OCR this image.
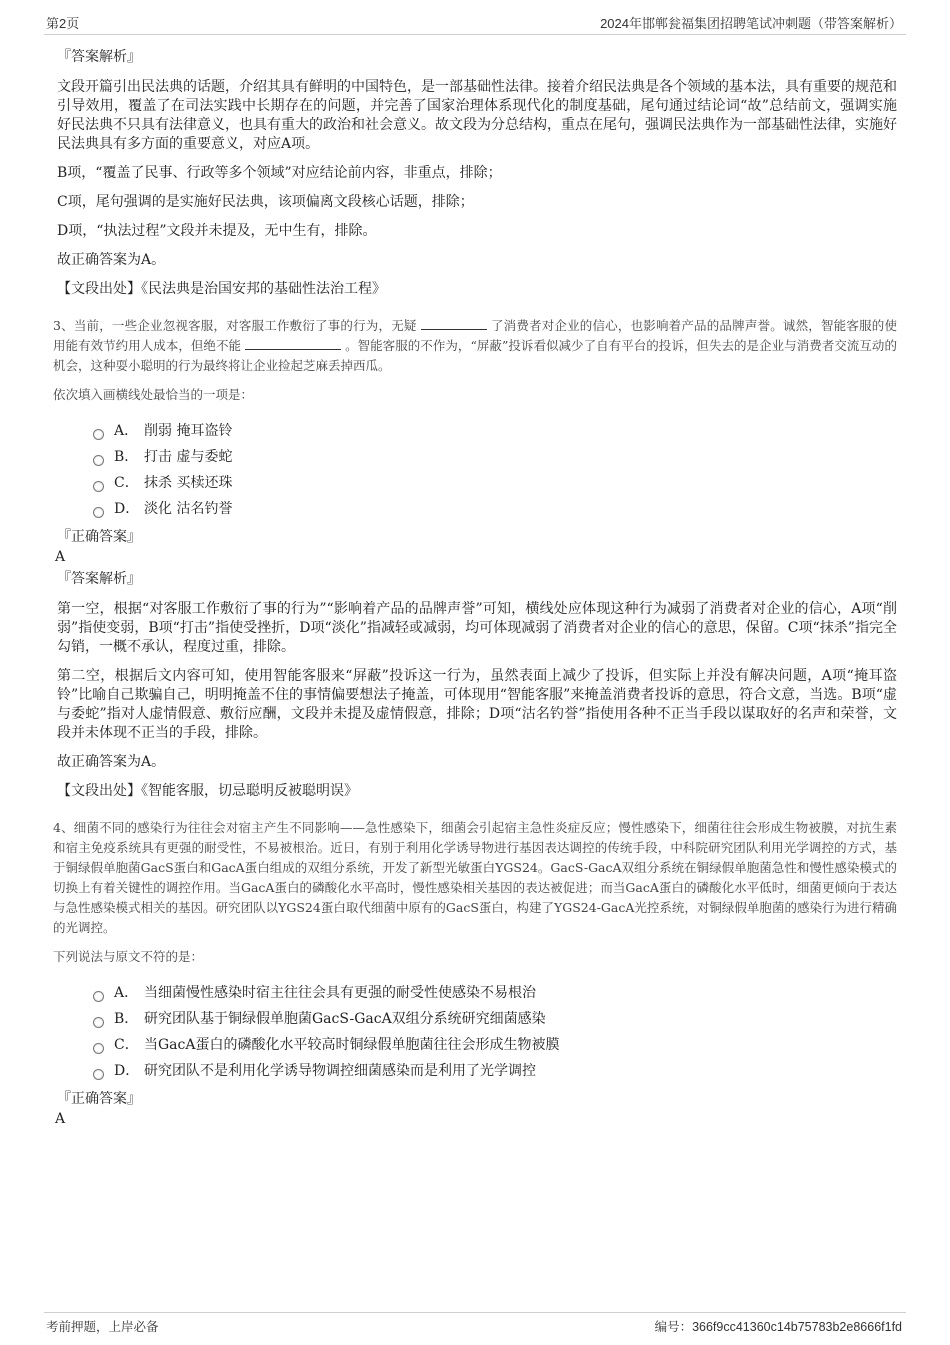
第2页	2024年邯郸瓮福集团招聘笔试冲刺题（带答案解析）
『答案解析』

文段开篇引出民法典的话题，介绍其具有鲜明的中国特色，是一部基础性法律。接着介绍民法典是各个领域的基本法，具有重要的规范和引导效用，覆盖了在司法实践中长期存在的问题，并完善了国家治理体系现代化的制度基础，尾句通过结论词“故”总结前文，强调实施好民法典不只具有法律意义，也具有重大的政治和社会意义。故文段为分总结构，重点在尾句，强调民法典作为一部基础性法律，实施好民法典具有多方面的重要意义，对应A项。

B项，“覆盖了民事、行政等多个领域”对应结论前内容，非重点，排除；

C项，尾句强调的是实施好民法典，该项偏离文段核心话题，排除；

D项，“执法过程”文段并未提及，无中生有，排除。

故正确答案为A。

【文段出处】《民法典是治国安邦的基础性法治工程》

3、当前，一些企业忽视客服，对客服工作敷衍了事的行为，无疑	了消费者对企业的信心，也影响着产品的品牌声誉。诚然，智能客服的使用能有效节约用人成本，但绝不能	。智能客服的不作为，“屏蔽”投诉看似减少了自有平台的投诉，但失去的是企业与消费者交流互动的机会，这种耍小聪明的行为最终将让企业捡起芝麻丢掉西瓜。

依次填入画横线处最恰当的一项是：
A． 削弱 掩耳盗铃
B． 打击 虚与委蛇
C． 抹杀 买椟还珠
D． 淡化 沽名钓誉
『正确答案』
A
『答案解析』

第一空，根据“对客服工作敷衍了事的行为”“影响着产品的品牌声誉”可知，横线处应体现这种行为减弱了消费者对企业的信心，A项“削弱”指使变弱，B项“打击”指使受挫折，D项“淡化”指减轻或减弱，均可体现减弱了消费者对企业的信心的意思，保留。C项“抹杀”指完全勾销，一概不承认，程度过重，排除。

第二空，根据后文内容可知，使用智能客服来“屏蔽”投诉这一行为，虽然表面上减少了投诉，但实际上并没有解决问题，A项“掩耳盗铃”比喻自己欺骗自己，明明掩盖不住的事情偏要想法子掩盖，可体现用“智能客服”来掩盖消费者投诉的意思，符合文意，当选。B项“虚与委蛇”指对人虚情假意、敷衍应酬，文段并未提及虚情假意，排除；D项“沽名钓誉”指使用各种不正当手段以谋取好的名声和荣誉，文段并未体现不正当的手段，排除。

故正确答案为A。

【文段出处】《智能客服，切忌聪明反被聪明误》

4、细菌不同的感染行为往往会对宿主产生不同影响——急性感染下，细菌会引起宿主急性炎症反应；慢性感染下，细菌往往会形成生物被膜，对抗生素和宿主免疫系统具有更强的耐受性，不易被根治。近日，有别于利用化学诱导物进行基因表达调控的传统手段，中科院研究团队利用光学调控的方式，基于铜绿假单胞菌GacS蛋白和GacA蛋白组成的双组分系统，开发了新型光敏蛋白YGS24。GacS-GacA双组分系统在铜绿假单胞菌急性和慢性感染模式的切换上有着关键性的调控作用。当GacA蛋白的磷酸化水平高时，慢性感染相关基因的表达被促进；而当GacA蛋白的磷酸化水平低时，细菌更倾向于表达与急性感染模式相关的基因。研究团队以YGS24蛋白取代细菌中原有的GacS蛋白，构建了YGS24-GacA光控系统，对铜绿假单胞菌的感染行为进行精确的光调控。

下列说法与原文不符的是：
A． 当细菌慢性感染时宿主往往会具有更强的耐受性使感染不易根治
B． 研究团队基于铜绿假单胞菌GacS-GacA双组分系统研究细菌感染
C． 当GacA蛋白的磷酸化水平较高时铜绿假单胞菌往往会形成生物被膜
D． 研究团队不是利用化学诱导物调控细菌感染而是利用了光学调控
『正确答案』
A
考前押题，上岸必备	编号：366f9cc41360c14b75783b2e8666f1fd
